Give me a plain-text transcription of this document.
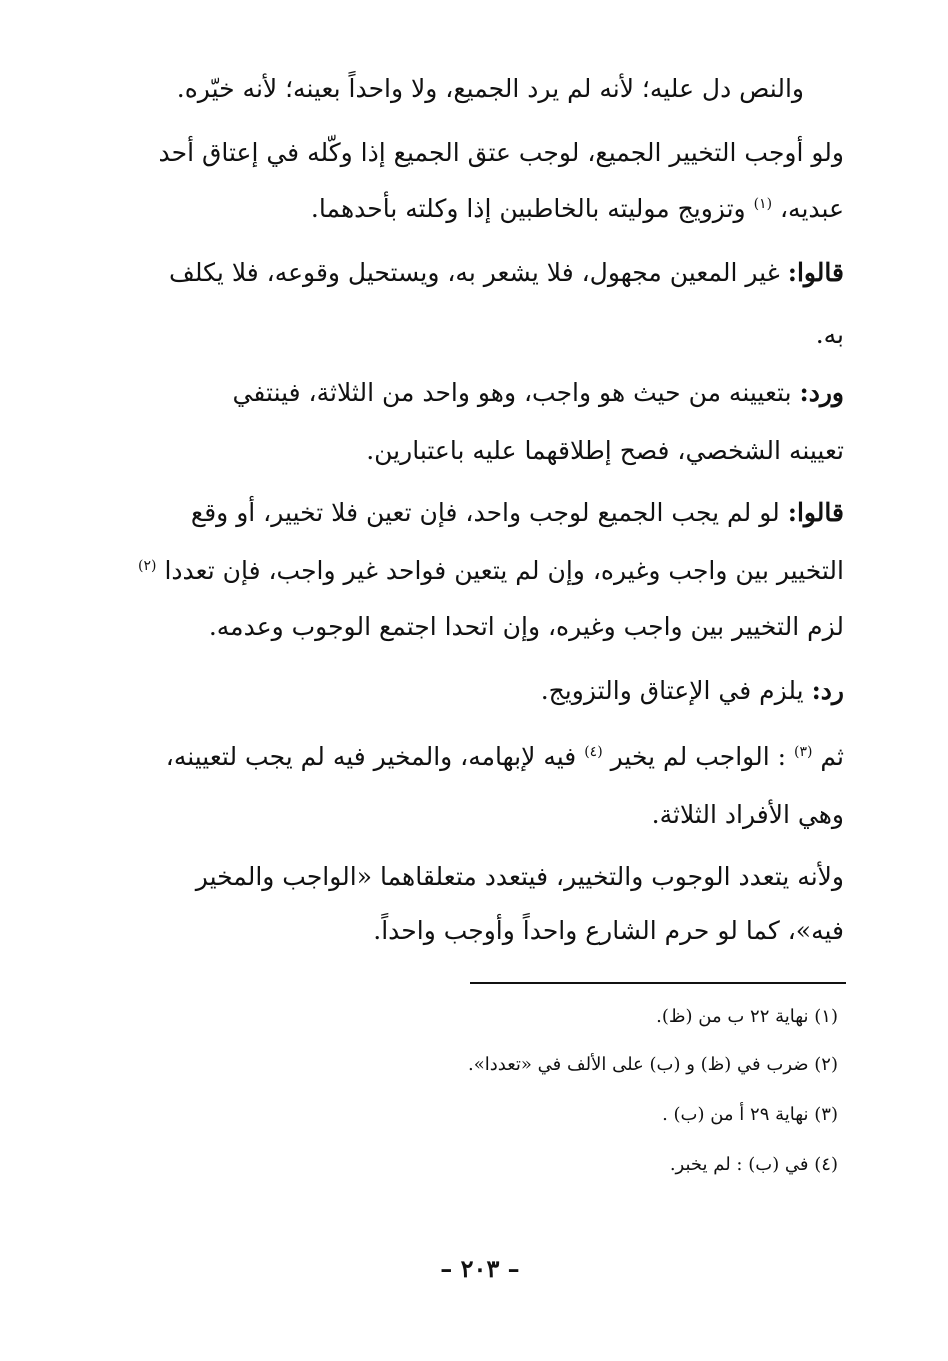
والنص دل عليه؛ لأنه لم يرد الجميع، ولا واحداً بعينه؛ لأنه خيّره.
ولو أوجب التخيير الجميع، لوجب عتق الجميع إذا وكّله في إعتاق أحد
عبديه، $^{(١)}$ وتزويج موليته بالخاطبين إذا وكلته بأحدهما.
قالوا: غير المعين مجهول، فلا يشعر به، ويستحيل وقوعه، فلا يكلف
به.
ورد: بتعيينه من حيث هو واجب، وهو واحد من الثلاثة، فينتفي
تعيينه الشخصي، فصح إطلاقهما عليه باعتبارين.
قالوا: لو لم يجب الجميع لوجب واحد، فإن تعين فلا تخيير، أو وقع
التخيير بين واجب وغيره، وإن لم يتعين فواحد غير واجب، فإن تعددا $^{(٢)}$
لزم التخيير بين واجب وغيره، وإن اتحدا اجتمع الوجوب وعدمه.
رد: يلزم في الإعتاق والتزويج.
ثم $^{(٣)}$ : الواجب لم يخير $^{(٤)}$ فيه لإبهامه، والمخير فيه لم يجب لتعيينه،
وهي الأفراد الثلاثة.
ولأنه يتعدد الوجوب والتخيير، فيتعدد متعلقاهما «الواجب والمخير
فيه»، كما لو حرم الشارع واحداً وأوجب واحداً.
(١) نهاية ٢٢ ب من (ظ).
(٢) ضرب في (ظ) و (ب) على الألف في «تعددا».
(٣) نهاية ٢٩ أ من (ب) .
(٤) في (ب) : لم يخبر.
– ٢٠٣ –
